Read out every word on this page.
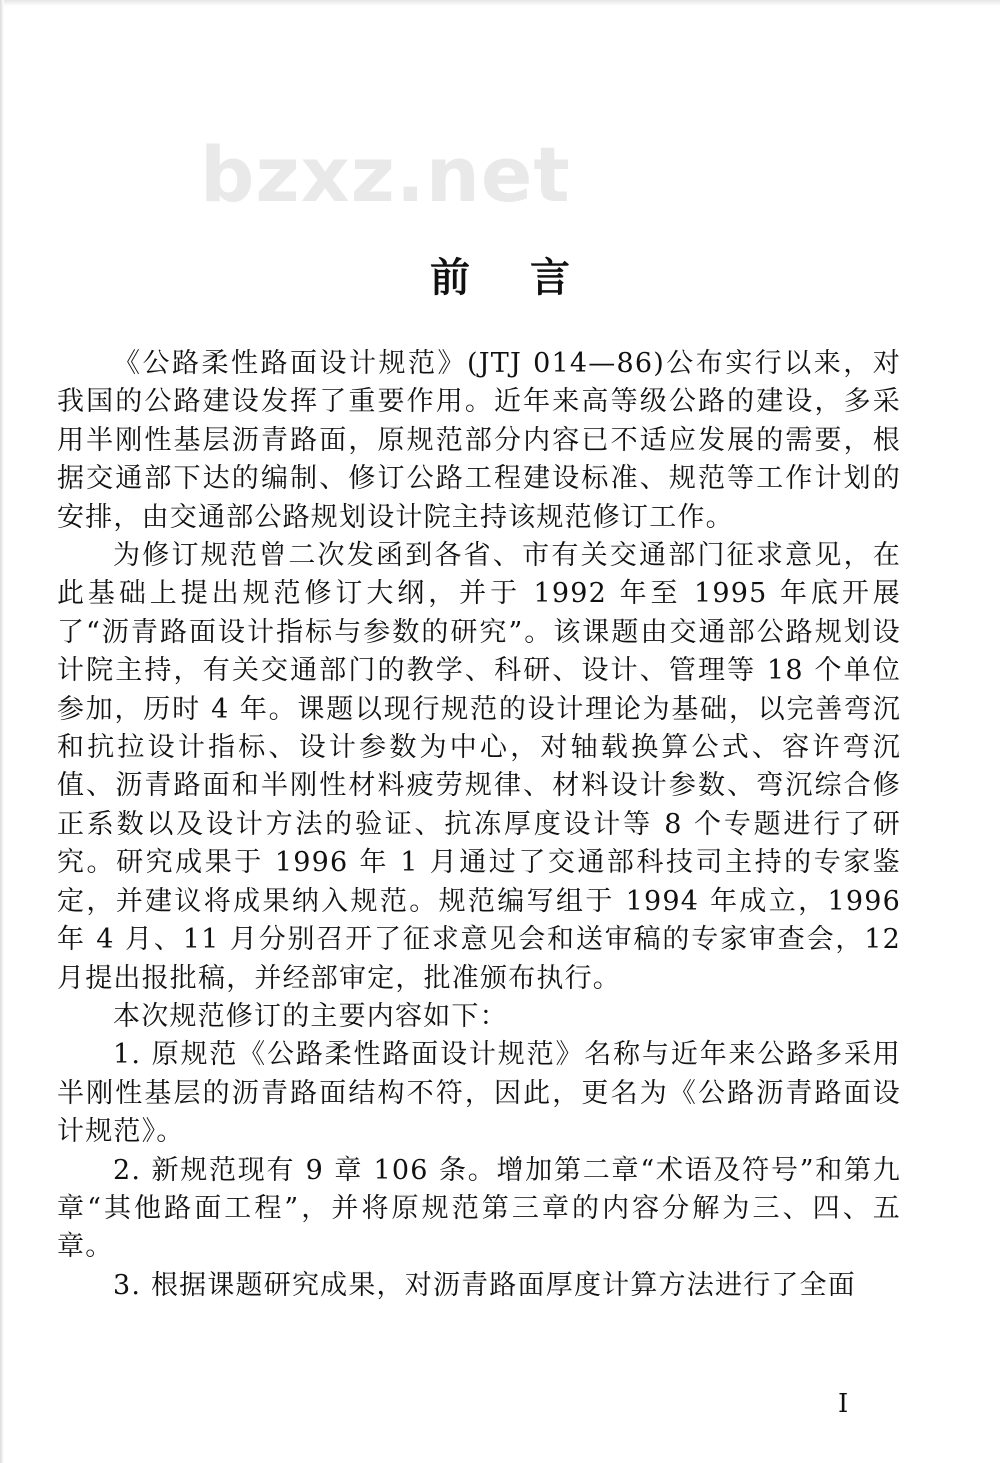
bzxz.net
前言

《公路柔性路面设计规范》(JTJ 014—86)公布实行以来，对我国的公路建设发挥了重要作用。近年来高等级公路的建设，多采用半刚性基层沥青路面，原规范部分内容已不适应发展的需要，根据交通部下达的编制、修订公路工程建设标准、规范等工作计划的安排，由交通部公路规划设计院主持该规范修订工作。

为修订规范曾二次发函到各省、市有关交通部门征求意见，在此基础上提出规范修订大纲，并于 1992 年至 1995 年底开展了“沥青路面设计指标与参数的研究”。该课题由交通部公路规划设计院主持，有关交通部门的教学、科研、设计、管理等 18 个单位参加，历时 4 年。课题以现行规范的设计理论为基础，以完善弯沉和抗拉设计指标、设计参数为中心，对轴载换算公式、容许弯沉值、沥青路面和半刚性材料疲劳规律、材料设计参数、弯沉综合修正系数以及设计方法的验证、抗冻厚度设计等 8 个专题进行了研究。研究成果于 1996 年 1 月通过了交通部科技司主持的专家鉴定，并建议将成果纳入规范。规范编写组于 1994 年成立，1996 年 4 月、11 月分别召开了征求意见会和送审稿的专家审查会，12 月提出报批稿，并经部审定，批准颁布执行。

本次规范修订的主要内容如下：

1. 原规范《公路柔性路面设计规范》名称与近年来公路多采用半刚性基层的沥青路面结构不符，因此，更名为《公路沥青路面设计规范》。

2. 新规范现有 9 章 106 条。增加第二章“术语及符号”和第九章“其他路面工程”，并将原规范第三章的内容分解为三、四、五章。

3. 根据课题研究成果，对沥青路面厚度计算方法进行了全面

I
